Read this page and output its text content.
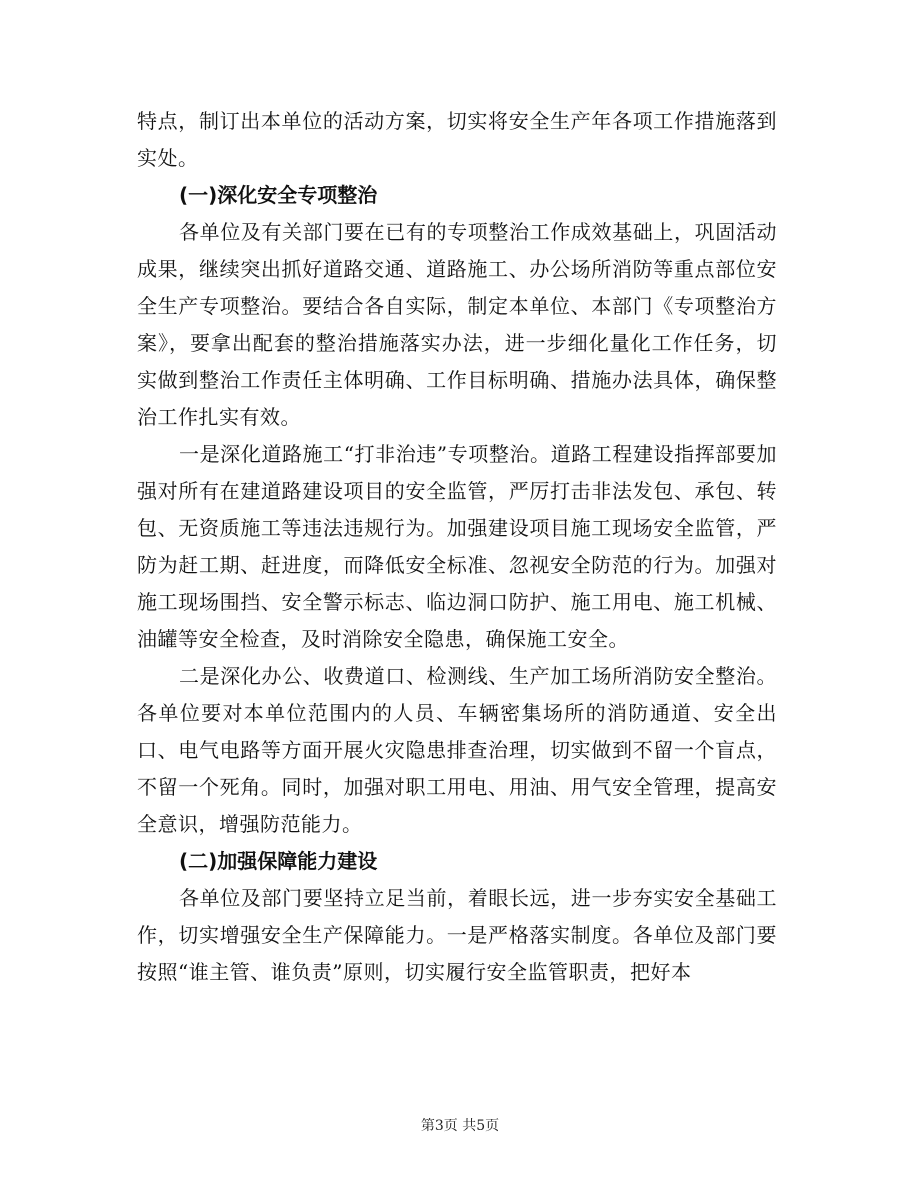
特点，制订出本单位的活动方案，切实将安全生产年各项工作措施落到实处。

(一)深化安全专项整治

各单位及有关部门要在已有的专项整治工作成效基础上，巩固活动成果，继续突出抓好道路交通、道路施工、办公场所消防等重点部位安全生产专项整治。要结合各自实际，制定本单位、本部门《专项整治方案》，要拿出配套的整治措施落实办法，进一步细化量化工作任务，切实做到整治工作责任主体明确、工作目标明确、措施办法具体，确保整治工作扎实有效。

一是深化道路施工“打非治违”专项整治。道路工程建设指挥部要加强对所有在建道路建设项目的安全监管，严厉打击非法发包、承包、转包、无资质施工等违法违规行为。加强建设项目施工现场安全监管，严防为赶工期、赶进度，而降低安全标准、忽视安全防范的行为。加强对施工现场围挡、安全警示标志、临边洞口防护、施工用电、施工机械、油罐等安全检查，及时消除安全隐患，确保施工安全。

二是深化办公、收费道口、检测线、生产加工场所消防安全整治。各单位要对本单位范围内的人员、车辆密集场所的消防通道、安全出口、电气电路等方面开展火灾隐患排查治理，切实做到不留一个盲点，不留一个死角。同时，加强对职工用电、用油、用气安全管理，提高安全意识，增强防范能力。

(二)加强保障能力建设

各单位及部门要坚持立足当前，着眼长远，进一步夯实安全基础工作，切实增强安全生产保障能力。一是严格落实制度。各单位及部门要按照“谁主管、谁负责”原则，切实履行安全监管职责，把好本

第3页 共5页
